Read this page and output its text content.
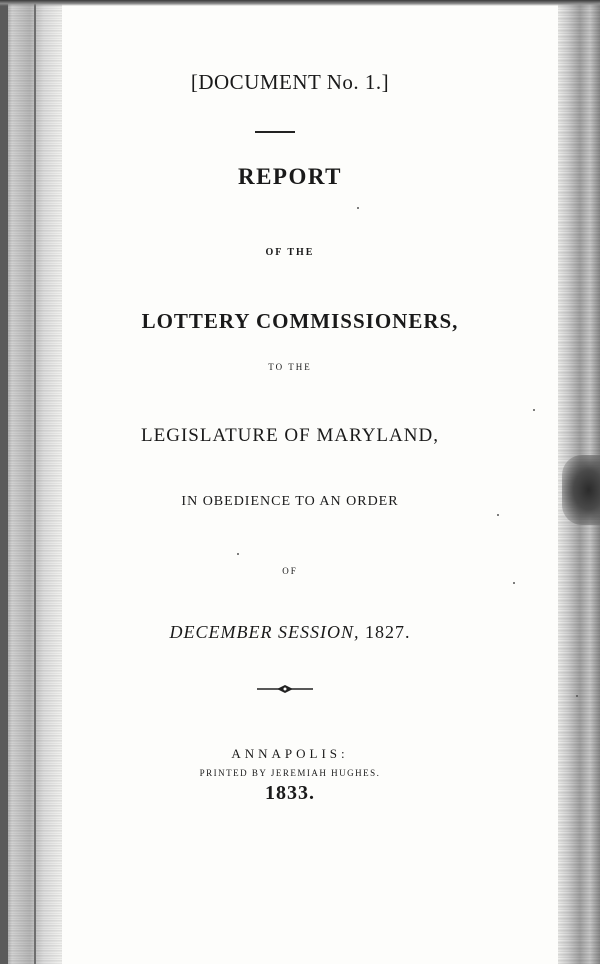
[DOCUMENT No. 1.]
REPORT
OF THE
LOTTERY COMMISSIONERS,
TO THE
LEGISLATURE OF MARYLAND,
IN OBEDIENCE TO AN ORDER
OF
DECEMBER SESSION, 1827.
ANNAPOLIS:
PRINTED BY JEREMIAH HUGHES.
1833.
